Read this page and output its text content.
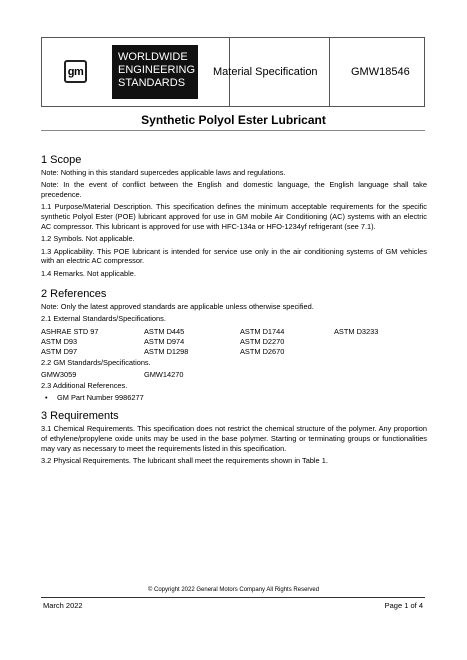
gm
WORLDWIDE
ENGINEERING
STANDARDS
Material Specification	GMW18546
Synthetic Polyol Ester Lubricant
1 Scope
Note: Nothing in this standard supercedes applicable laws and regulations.
Note: In the event of conflict between the English and domestic language, the English language shall take precedence.
1.1 Purpose/Material Description. This specification defines the minimum acceptable requirements for the specific synthetic Polyol Ester (POE) lubricant approved for use in GM mobile Air Conditioning (AC) systems with an electric AC compressor. This lubricant is approved for use with HFC-134a or HFO-1234yf refrigerant (see 7.1).
1.2 Symbols. Not applicable.
1.3 Applicability. This POE lubricant is intended for service use only in the air conditioning systems of GM vehicles with an electric AC compressor.
1.4 Remarks. Not applicable.
2 References
Note: Only the latest approved standards are applicable unless otherwise specified.
2.1 External Standards/Specifications.
ASHRAE STD 97	ASTM D445	ASTM D1744	ASTM D3233
ASTM D93	ASTM D974	ASTM D2270
ASTM D97	ASTM D1298	ASTM D2670
2.2 GM Standards/Specifications.
GMW3059	GMW14270
2.3 Additional References.
•	GM Part Number 9986277
3 Requirements
3.1 Chemical Requirements. This specification does not restrict the chemical structure of the polymer. Any proportion of ethylene/propylene oxide units may be used in the base polymer. Starting or terminating groups or functionalities may vary as necessary to meet the requirements listed in this specification.
3.2 Physical Requirements. The lubricant shall meet the requirements shown in Table 1.
© Copyright 2022 General Motors Company All Rights Reserved
March 2022	Page 1 of 4
